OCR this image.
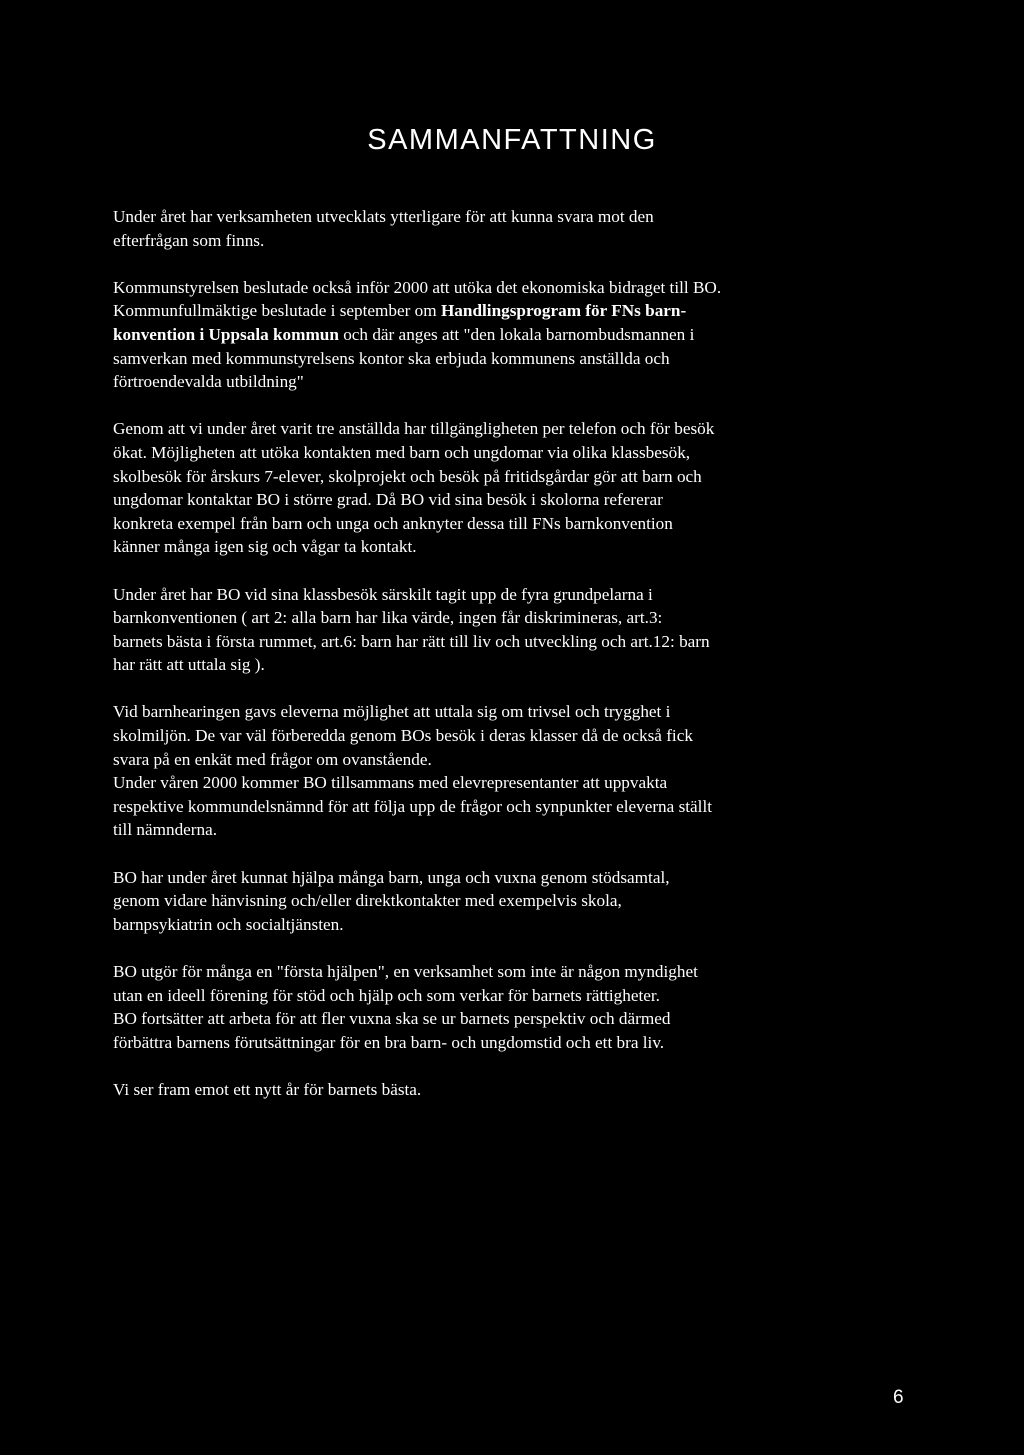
SAMMANFATTNING

Under året har verksamheten utvecklats ytterligare för att kunna svara mot den
efterfrågan som finns.

Kommunstyrelsen beslutade också inför 2000 att utöka det ekonomiska bidraget till BO.
Kommunfullmäktige beslutade i september om Handlingsprogram för FNs barn-
konvention i Uppsala kommun och där anges att "den lokala barnombudsmannen i
samverkan med kommunstyrelsens kontor ska erbjuda kommunens anställda och
förtroendevalda utbildning"

Genom att vi under året varit tre anställda har tillgängligheten per telefon och för besök
ökat. Möjligheten att utöka kontakten med barn och ungdomar via olika klassbesök,
skolbesök för årskurs 7-elever, skolprojekt och besök på fritidsgårdar gör att barn och
ungdomar kontaktar BO i större grad. Då BO vid sina besök i skolorna refererar
konkreta exempel från barn och unga och anknyter dessa till FNs barnkonvention
känner många igen sig och vågar ta kontakt.

Under året har BO vid sina klassbesök särskilt tagit upp de fyra grundpelarna i
barnkonventionen ( art 2: alla barn har lika värde, ingen får diskrimineras, art.3:
barnets bästa i första rummet, art.6: barn har rätt till liv och utveckling och art.12: barn
har rätt att uttala sig ).

Vid barnhearingen gavs eleverna möjlighet att uttala sig om trivsel och trygghet i
skolmiljön. De var väl förberedda genom BOs besök i deras klasser då de också fick
svara på en enkät med frågor om ovanstående.

Under våren 2000 kommer BO tillsammans med elevrepresentanter att uppvakta
respektive kommundelsnämnd för att följa upp de frågor och synpunkter eleverna ställt
till nämnderna.

BO har under året kunnat hjälpa många barn, unga och vuxna genom stödsamtal,
genom vidare hänvisning och/eller direktkontakter med exempelvis skola,
barnpsykiatrin och socialtjänsten.

BO utgör för många en "första hjälpen", en verksamhet som inte är någon myndighet
utan en ideell förening för stöd och hjälp och som verkar för barnets rättigheter.

BO fortsätter att arbeta för att fler vuxna ska se ur barnets perspektiv och därmed
förbättra barnens förutsättningar för en bra barn- och ungdomstid och ett bra liv.

Vi ser fram emot ett nytt år för barnets bästa.

6
